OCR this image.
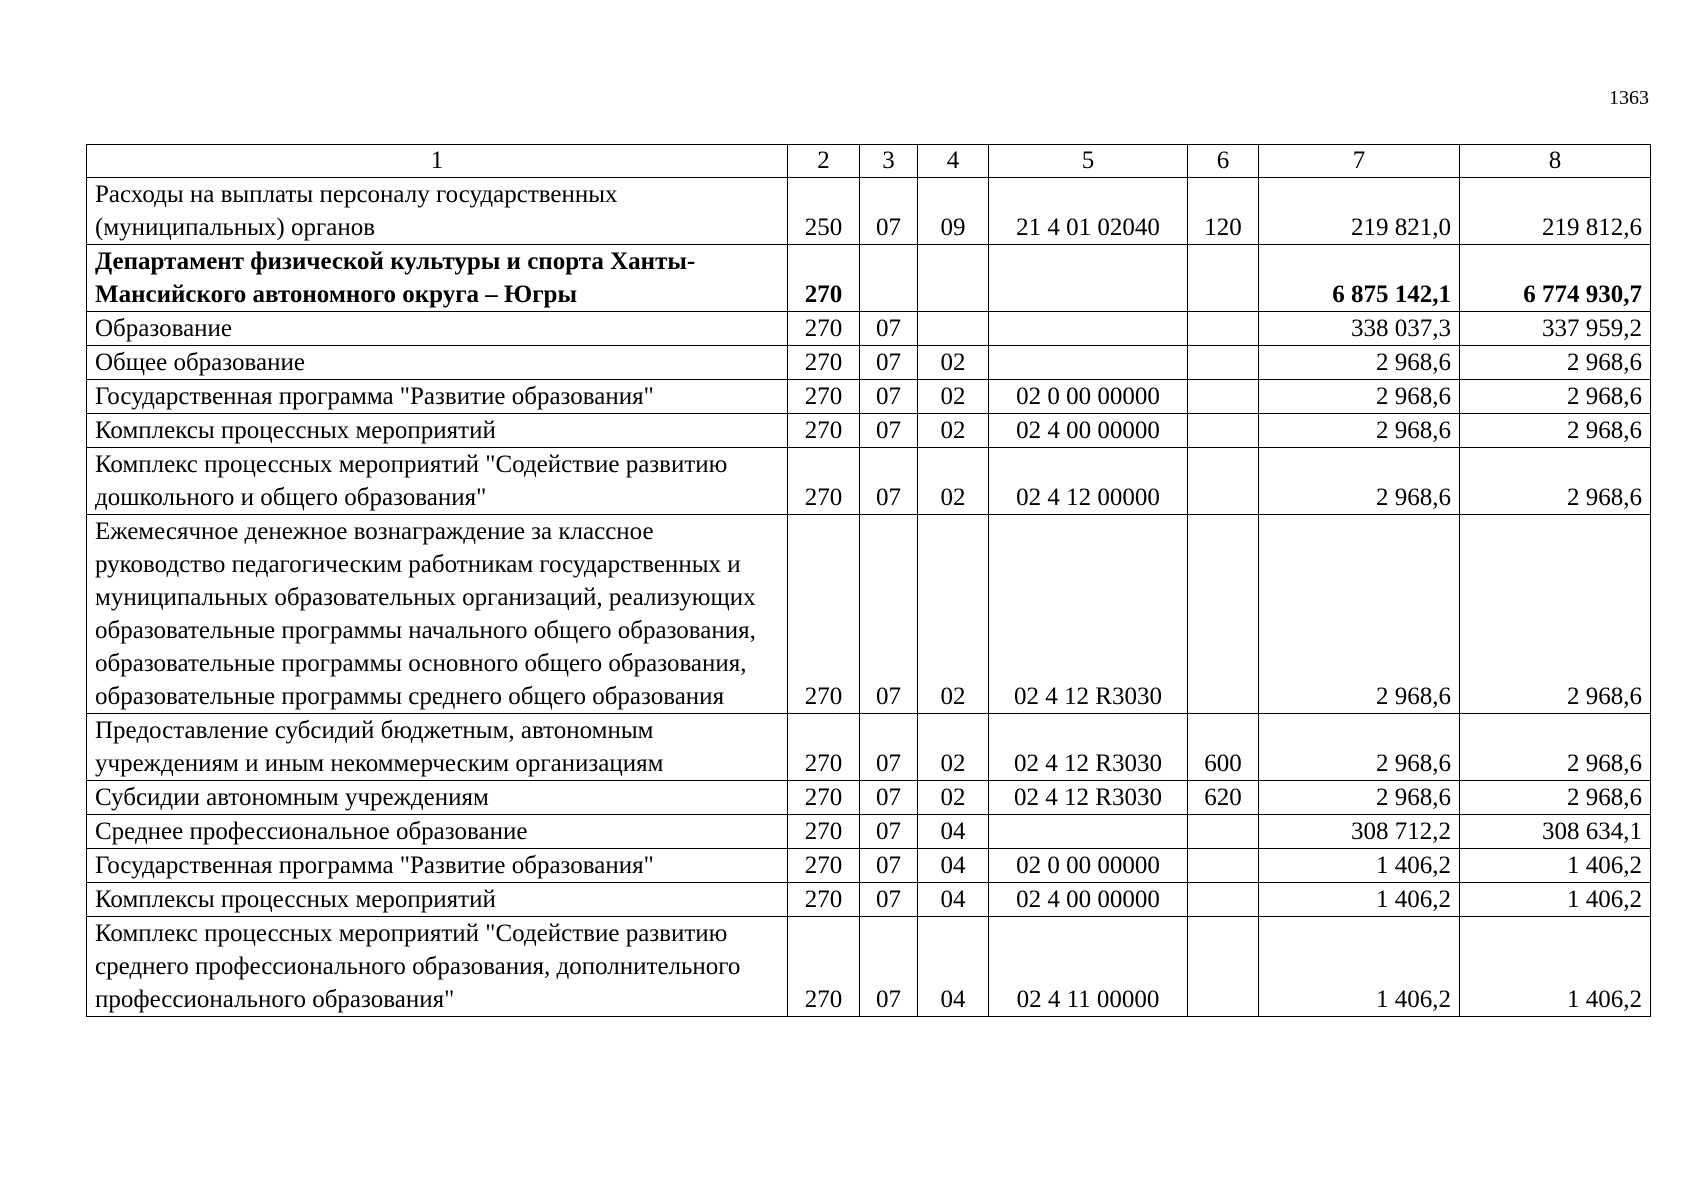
1363
1	2	3	4	5	6	7	8
Расходы на выплаты персоналу государственных (муниципальных) органов	250	07	09	21 4 01 02040	120	219 821,0	219 812,6
Департамент физической культуры и спорта Ханты-Мансийского автономного округа – Югры	270					6 875 142,1	6 774 930,7
Образование	270	07				338 037,3	337 959,2
Общее образование	270	07	02			2 968,6	2 968,6
Государственная программа "Развитие образования"	270	07	02	02 0 00 00000		2 968,6	2 968,6
Комплексы процессных мероприятий	270	07	02	02 4 00 00000		2 968,6	2 968,6
Комплекс процессных мероприятий "Содействие развитию дошкольного и общего образования"	270	07	02	02 4 12 00000		2 968,6	2 968,6
Ежемесячное денежное вознаграждение за классное руководство педагогическим работникам государственных и муниципальных образовательных организаций, реализующих образовательные программы начального общего образования, образовательные программы основного общего образования, образовательные программы среднего общего образования	270	07	02	02 4 12 R3030		2 968,6	2 968,6
Предоставление субсидий бюджетным, автономным учреждениям и иным некоммерческим организациям	270	07	02	02 4 12 R3030	600	2 968,6	2 968,6
Субсидии автономным учреждениям	270	07	02	02 4 12 R3030	620	2 968,6	2 968,6
Среднее профессиональное образование	270	07	04			308 712,2	308 634,1
Государственная программа "Развитие образования"	270	07	04	02 0 00 00000		1 406,2	1 406,2
Комплексы процессных мероприятий	270	07	04	02 4 00 00000		1 406,2	1 406,2
Комплекс процессных мероприятий "Содействие развитию среднего профессионального образования, дополнительного профессионального образования"	270	07	04	02 4 11 00000		1 406,2	1 406,2
